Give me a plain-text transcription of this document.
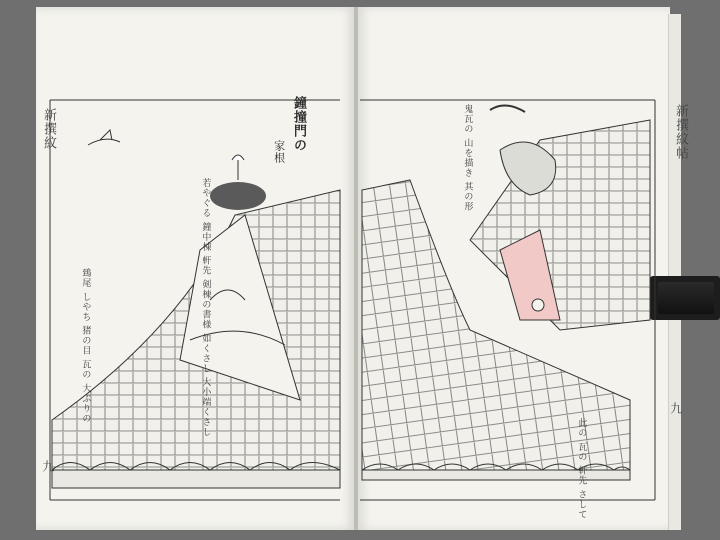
新撰紋
九
鐘撞門の
家根
若やぐる 鐘中棟 軒先 剣棟の書様 如くさし 大小端くさし
鵄尾 しやち 猪の目 瓦の 大ぶりの
新撰紋帖
九
鬼瓦の 山を描き 其の形
此の 瓦の 軒先 さして
